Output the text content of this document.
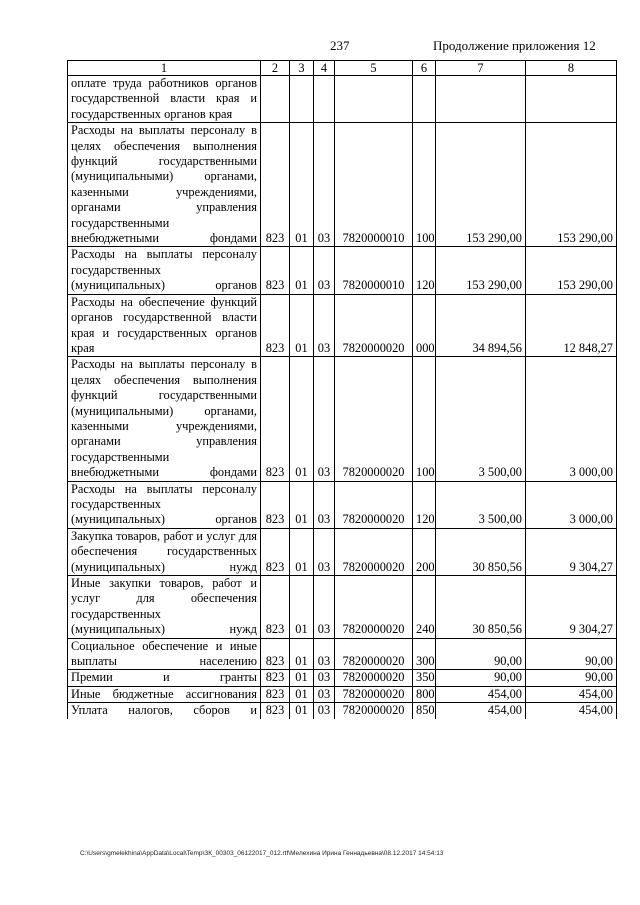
237	Продолжение приложения 12
1	2	3	4	5	6	7	8
оплате труда работников органов государственной власти края и государственных органов края							
Расходы на выплаты персоналу в целях обеспечения выполнения функций государственными (муниципальными) органами, казенными учреждениями, органами управления государственными внебюджетными фондами	823	01	03	7820000010	100	153 290,00	153 290,00
Расходы на выплаты персоналу государственных (муниципальных) органов	823	01	03	7820000010	120	153 290,00	153 290,00
Расходы на обеспечение функций органов государственной власти края и государственных органов края	823	01	03	7820000020	000	34 894,56	12 848,27
Расходы на выплаты персоналу в целях обеспечения выполнения функций государственными (муниципальными) органами, казенными учреждениями, органами управления государственными внебюджетными фондами	823	01	03	7820000020	100	3 500,00	3 000,00
Расходы на выплаты персоналу государственных (муниципальных) органов	823	01	03	7820000020	120	3 500,00	3 000,00
Закупка товаров, работ и услуг для обеспечения государственных (муниципальных) нужд	823	01	03	7820000020	200	30 850,56	9 304,27
Иные закупки товаров, работ и услуг для обеспечения государственных (муниципальных) нужд	823	01	03	7820000020	240	30 850,56	9 304,27
Социальное обеспечение и иные выплаты населению	823	01	03	7820000020	300	90,00	90,00
Премии и гранты	823	01	03	7820000020	350	90,00	90,00
Иные бюджетные ассигнования	823	01	03	7820000020	800	454,00	454,00
Уплата налогов, сборов и	823	01	03	7820000020	850	454,00	454,00
C:\Users\gmelekhina\AppData\Local\Temp\ЗК_00303_06122017_012.rtf\Мелехина Ирина Геннадьевна\08.12.2017 14:54:13
